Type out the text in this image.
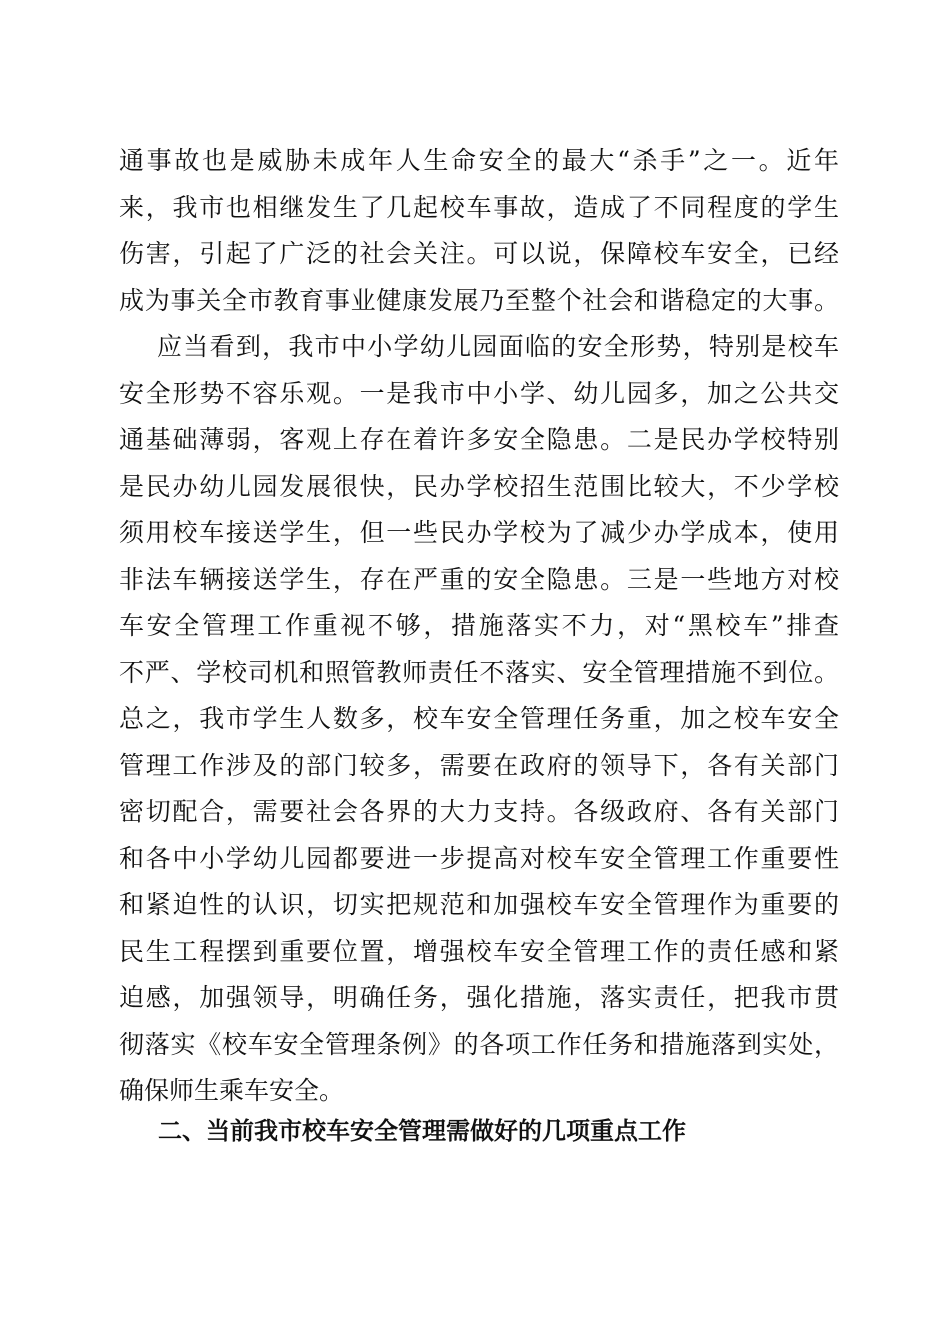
通事故也是威胁未成年人生命安全的最大“杀手”之一。近年
来，我市也相继发生了几起校车事故，造成了不同程度的学生
伤害，引起了广泛的社会关注。可以说，保障校车安全，已经
成为事关全市教育事业健康发展乃至整个社会和谐稳定的大事。
应当看到，我市中小学幼儿园面临的安全形势，特别是校车
安全形势不容乐观。一是我市中小学、幼儿园多，加之公共交
通基础薄弱，客观上存在着许多安全隐患。二是民办学校特别
是民办幼儿园发展很快，民办学校招生范围比较大，不少学校
须用校车接送学生，但一些民办学校为了减少办学成本，使用
非法车辆接送学生，存在严重的安全隐患。三是一些地方对校
车安全管理工作重视不够，措施落实不力，对“黑校车”排查
不严、学校司机和照管教师责任不落实、安全管理措施不到位。
总之，我市学生人数多，校车安全管理任务重，加之校车安全
管理工作涉及的部门较多，需要在政府的领导下，各有关部门
密切配合，需要社会各界的大力支持。各级政府、各有关部门
和各中小学幼儿园都要进一步提高对校车安全管理工作重要性
和紧迫性的认识，切实把规范和加强校车安全管理作为重要的
民生工程摆到重要位置，增强校车安全管理工作的责任感和紧
迫感，加强领导，明确任务，强化措施，落实责任，把我市贯
彻落实《校车安全管理条例》的各项工作任务和措施落到实处，
确保师生乘车安全。
二、当前我市校车安全管理需做好的几项重点工作
